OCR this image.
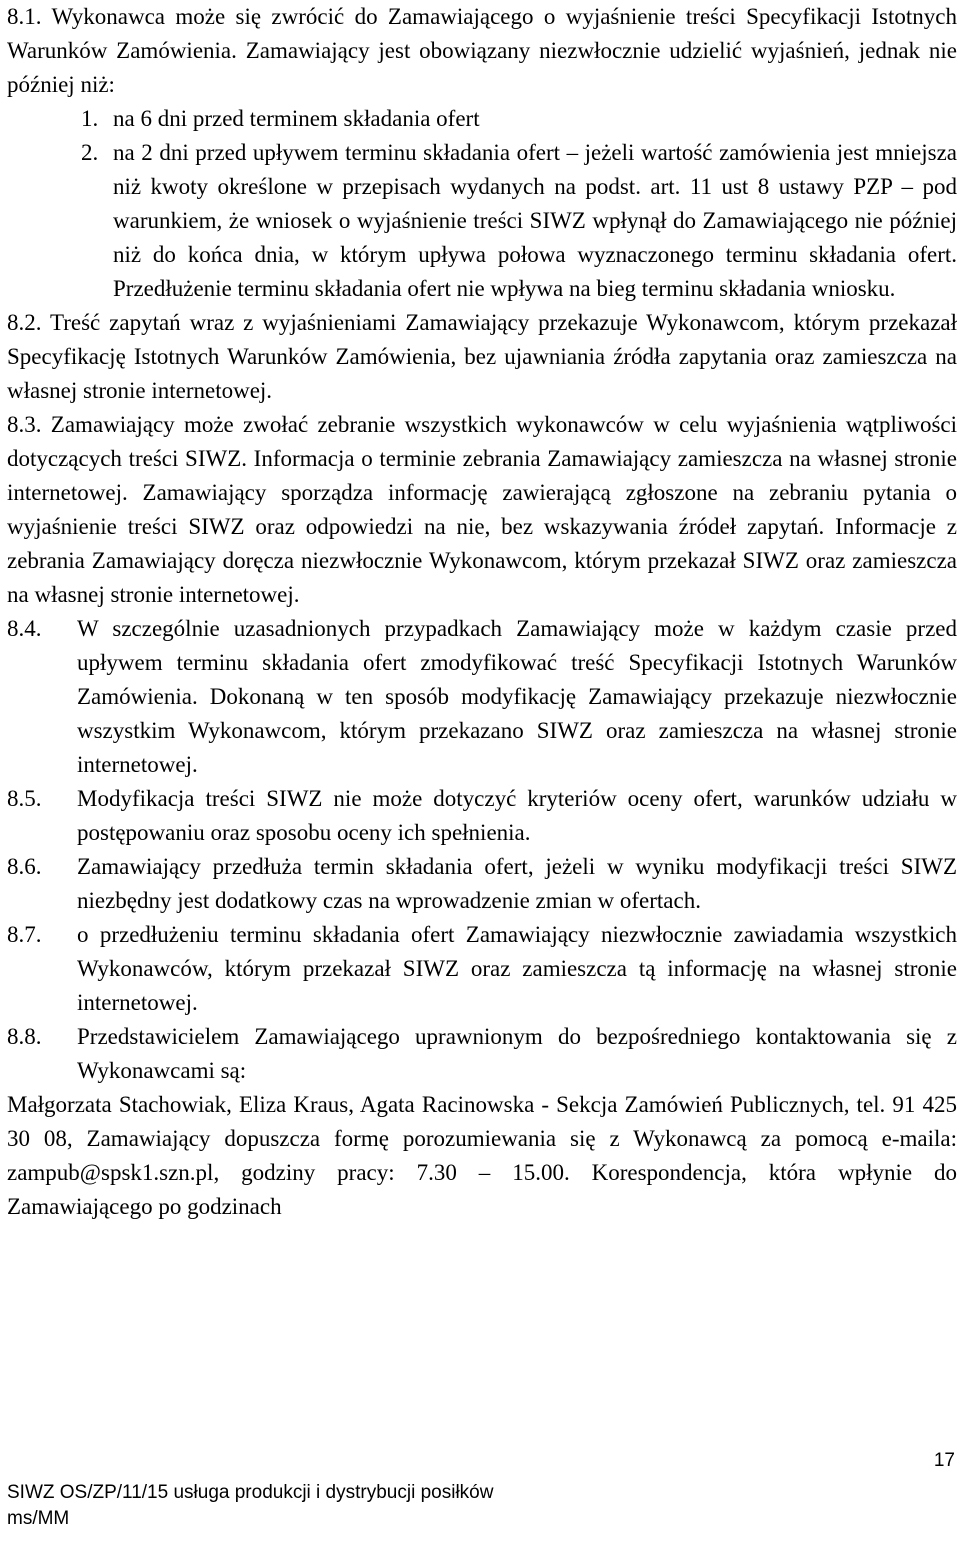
8.1. Wykonawca może się zwrócić do Zamawiającego o wyjaśnienie treści Specyfikacji Istotnych Warunków Zamówienia. Zamawiający jest obowiązany niezwłocznie udzielić wyjaśnień, jednak nie później niż:

1. na 6 dni przed terminem składania ofert
2. na 2 dni przed upływem terminu składania ofert – jeżeli wartość zamówienia jest mniejsza niż kwoty określone w przepisach wydanych na podst. art. 11 ust 8 ustawy PZP – pod warunkiem, że wniosek o wyjaśnienie treści SIWZ wpłynął do Zamawiającego nie później niż do końca dnia, w którym upływa połowa wyznaczonego terminu składania ofert. Przedłużenie terminu składania ofert nie wpływa na bieg terminu składania wniosku.

8.2. Treść zapytań wraz z wyjaśnieniami Zamawiający przekazuje Wykonawcom, którym przekazał Specyfikację Istotnych Warunków Zamówienia, bez ujawniania źródła zapytania oraz zamieszcza na własnej stronie internetowej.

8.3. Zamawiający może zwołać zebranie wszystkich wykonawców w celu wyjaśnienia wątpliwości dotyczących treści SIWZ. Informacja o terminie zebrania Zamawiający zamieszcza na własnej stronie internetowej. Zamawiający sporządza informację zawierającą zgłoszone na zebraniu pytania o wyjaśnienie treści SIWZ oraz odpowiedzi na nie, bez wskazywania źródeł zapytań. Informacje z zebrania Zamawiający doręcza niezwłocznie Wykonawcom, którym przekazał SIWZ oraz zamieszcza na własnej stronie internetowej.

8.4.	W szczególnie uzasadnionych przypadkach Zamawiający może w każdym czasie przed upływem terminu składania ofert zmodyfikować treść Specyfikacji Istotnych Warunków Zamówienia. Dokonaną w ten sposób modyfikację Zamawiający przekazuje niezwłocznie wszystkim Wykonawcom, którym przekazano SIWZ oraz zamieszcza na własnej stronie internetowej.
8.5.	Modyfikacja treści SIWZ nie może dotyczyć kryteriów oceny ofert, warunków udziału w postępowaniu oraz sposobu oceny ich spełnienia.
8.6.	Zamawiający przedłuża termin składania ofert, jeżeli w wyniku modyfikacji treści SIWZ niezbędny jest dodatkowy czas na wprowadzenie zmian w ofertach.
8.7.	o przedłużeniu terminu składania ofert Zamawiający niezwłocznie zawiadamia wszystkich Wykonawców, którym przekazał SIWZ oraz zamieszcza tą informację na własnej stronie internetowej.
8.8.	Przedstawicielem Zamawiającego uprawnionym do bezpośredniego kontaktowania się z Wykonawcami są:

Małgorzata Stachowiak, Eliza Kraus, Agata Racinowska - Sekcja Zamówień Publicznych, tel. 91 425 30 08, Zamawiający dopuszcza formę porozumiewania się z Wykonawcą za pomocą e-maila: zampub@spsk1.szn.pl, godziny pracy: 7.30 – 15.00. Korespondencja, która wpłynie do Zamawiającego po godzinach

17
SIWZ OS/ZP/11/15 usługa produkcji i dystrybucji posiłków
ms/MM
